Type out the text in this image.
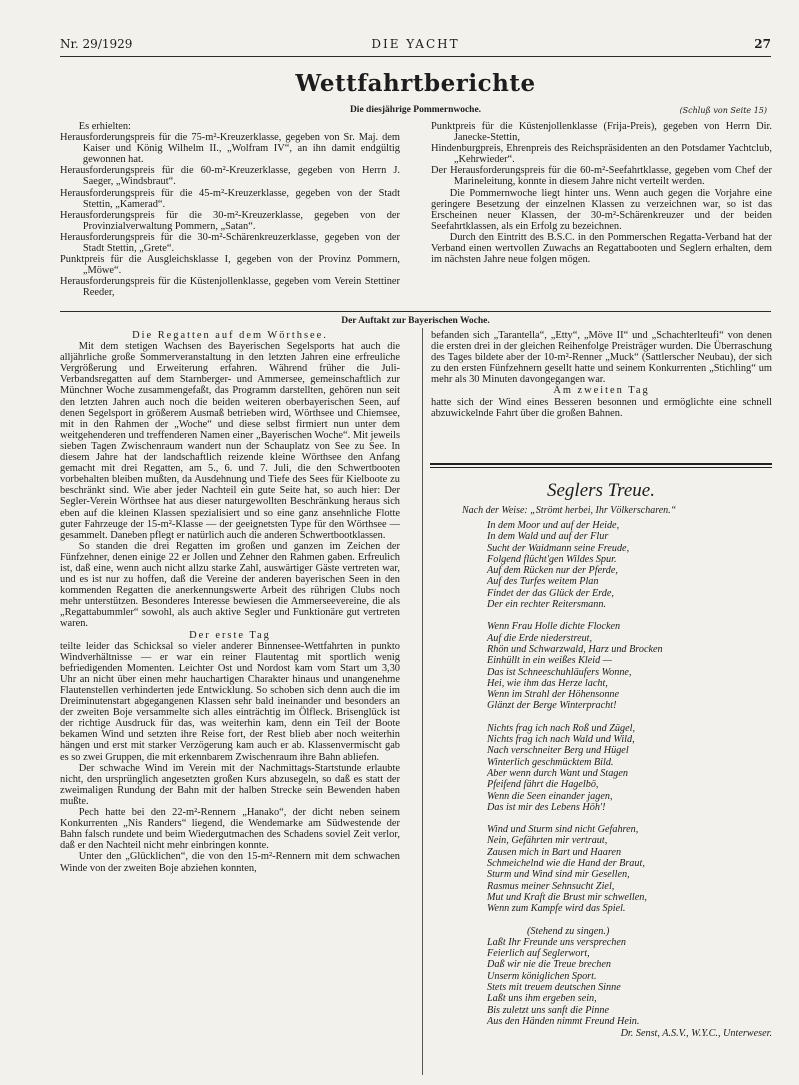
Nr. 29/1929	DIE YACHT	27
Wettfahrtberichte
Die diesjährige Pommernwoche.	(Schluß von Seite 15)

Es erhielten:

Herausforderungspreis für die 75-m²-Kreuzerklasse, gegeben von Sr. Maj. dem Kaiser und König Wilhelm II., „Wolfram IV“, an ihn damit endgültig gewonnen hat.

Herausforderungspreis für die 60-m²-Kreuzerklasse, gegeben von Herrn J. Saeger, „Windsbraut“.

Herausforderungspreis für die 45-m²-Kreuzerklasse, gegeben von der Stadt Stettin, „Kamerad“.

Herausforderungspreis für die 30-m²-Kreuzerklasse, gegeben von der Provinzialverwaltung Pommern, „Satan“.

Herausforderungspreis für die 30-m²-Schärenkreuzerklasse, gegeben von der Stadt Stettin, „Grete“.

Punktpreis für die Ausgleichsklasse I, gegeben von der Provinz Pommern, „Möwe“.

Herausforderungspreis für die Küstenjollenklasse, gegeben vom Verein Stettiner Reeder,

Punktpreis für die Küstenjollenklasse (Frija-Preis), gegeben von Herrn Dir. Janecke-Stettin,

Hindenburgpreis, Ehrenpreis des Reichspräsidenten an den Potsdamer Yachtclub, „Kehrwieder“.

Der Herausforderungspreis für die 60-m²-Seefahrtklasse, gegeben vom Chef der Marineleitung, konnte in diesem Jahre nicht verteilt werden.

Die Pommernwoche liegt hinter uns. Wenn auch gegen die Vorjahre eine geringere Besetzung der einzelnen Klassen zu verzeichnen war, so ist das Erscheinen neuer Klassen, der 30-m²-Schärenkreuzer und der beiden Seefahrtklassen, als ein Erfolg zu bezeichnen.

Durch den Eintritt des B.S.C. in den Pommerschen Regatta-Verband hat der Verband einen wertvollen Zuwachs an Regattabooten und Seglern erhalten, dem im nächsten Jahre neue folgen mögen.

Der Auftakt zur Bayerischen Woche.

Die Regatten auf dem Wörthsee.

Mit dem stetigen Wachsen des Bayerischen Segelsports hat auch die alljährliche große Sommerveranstaltung in den letzten Jahren eine erfreuliche Vergrößerung und Erweiterung erfahren. Während früher die Juli-Verbandsregatten auf dem Starnberger- und Ammersee, gemeinschaftlich zur Münchner Woche zusammengefaßt, das Programm darstellten, gehören nun seit den letzten Jahren auch noch die beiden weiteren oberbayerischen Seen, auf denen Segelsport in größerem Ausmaß betrieben wird, Wörthsee und Chiemsee, mit in den Rahmen der „Woche“ und diese selbst firmiert nun unter dem weitgehenderen und treffenderen Namen einer „Bayerischen Woche“. Mit jeweils sieben Tagen Zwischenraum wandert nun der Schauplatz von See zu See. In diesem Jahre hat der landschaftlich reizende kleine Wörthsee den Anfang gemacht mit drei Regatten, am 5., 6. und 7. Juli, die den Schwertbooten vorbehalten bleiben mußten, da Ausdehnung und Tiefe des Sees für Kielboote zu beschränkt sind. Wie aber jeder Nachteil ein gute Seite hat, so auch hier: Der Segler-Verein Wörthsee hat aus dieser naturgewollten Beschränkung heraus sich eben auf die kleinen Klassen spezialisiert und so eine ganz ansehnliche Flotte guter Fahrzeuge der 15-m²-Klasse — der geeignetsten Type für den Wörthsee — gesammelt. Daneben pflegt er natürlich auch die anderen Schwertbootklassen.

So standen die drei Regatten im großen und ganzen im Zeichen der Fünfzehner, denen einige 22 er Jollen und Zehner den Rahmen gaben. Erfreulich ist, daß eine, wenn auch nicht allzu starke Zahl, auswärtiger Gäste vertreten war, und es ist nur zu hoffen, daß die Vereine der anderen bayerischen Seen in den kommenden Regatten die anerkennungswerte Arbeit des rührigen Clubs noch mehr unterstützen. Besonderes Interesse bewiesen die Ammerseevereine, die als „Regattabummler“ sowohl, als auch aktive Segler und Funktionäre gut vertreten waren.

Der erste Tag

teilte leider das Schicksal so vieler anderer Binnensee-Wettfahrten in punkto Windverhältnisse — er war ein reiner Flautentag mit sportlich wenig befriedigenden Momenten. Leichter Ost und Nordost kam vom Start um 3,30 Uhr an nicht über einen mehr hauchartigen Charakter hinaus und unangenehme Flautenstellen verhinderten jede Entwicklung. So schoben sich denn auch die im Dreiminutenstart abgegangenen Klassen sehr bald ineinander und besonders an der zweiten Boje versammelte sich alles einträchtig im Ölfleck. Brisenglück ist der richtige Ausdruck für das, was weiterhin kam, denn ein Teil der Boote bekamen Wind und setzten ihre Reise fort, der Rest blieb aber noch weiterhin hängen und erst mit starker Verzögerung kam auch er ab. Klassenvermischt gab es so zwei Gruppen, die mit erkennbarem Zwischenraum ihre Bahn abliefen.

Der schwache Wind im Verein mit der Nachmittags-Startstunde erlaubte nicht, den ursprünglich angesetzten großen Kurs abzusegeln, so daß es statt der zweimaligen Rundung der Bahn mit der halben Strecke sein Bewenden haben mußte.

Pech hatte bei den 22-m²-Rennern „Hanako“, der dicht neben seinem Konkurrenten „Nis Randers“ liegend, die Wendemarke am Südwestende der Bahn falsch rundete und beim Wiedergutmachen des Schadens soviel Zeit verlor, daß er den Nachteil nicht mehr einbringen konnte.

Unter den „Glücklichen“, die von den 15-m²-Rennern mit dem schwachen Winde von der zweiten Boje abziehen konnten,

befanden sich „Tarantella“, „Etty“, „Möve II“ und „Schachterlteufi“ von denen die ersten drei in der gleichen Reihenfolge Preisträger wurden. Die Überraschung des Tages bildete aber der 10-m²-Renner „Muck“ (Sattlerscher Neubau), der sich zu den ersten Fünfzehnern gesellt hatte und seinem Konkurrenten „Stichling“ um mehr als 30 Minuten davongegangen war.

Am zweiten Tag

hatte sich der Wind eines Besseren besonnen und ermöglichte eine schnell abzuwickelnde Fahrt über die großen Bahnen.

Seglers Treue.
Nach der Weise: „Strömt herbei, Ihr Völkerscharen.“

In dem Moor und auf der Heide,

In dem Wald und auf der Flur

Sucht der Waidmann seine Freude,

Folgend flücht'gen Wildes Spur.

Auf dem Rücken nur der Pferde,

Auf des Turfes weitem Plan

Findet der das Glück der Erde,

Der ein rechter Reitersmann.

Wenn Frau Holle dichte Flocken

Auf die Erde niederstreut,

Rhön und Schwarzwald, Harz und Brocken

Einhüllt in ein weißes Kleid —

Das ist Schneeschuhläufers Wonne,

Hei, wie ihm das Herze lacht,

Wenn im Strahl der Höhensonne

Glänzt der Berge Winterpracht!

Nichts frag ich nach Roß und Zügel,

Nichts frag ich nach Wald und Wild,

Nach verschneiter Berg und Hügel

Winterlich geschmücktem Bild.

Aber wenn durch Want und Stagen

Pfeifend fährt die Hagelbö,

Wenn die Seen einander jagen,

Das ist mir des Lebens Höh'!

Wind und Sturm sind nicht Gefahren,

Nein, Gefährten mir vertraut,

Zausen mich in Bart und Haaren

Schmeichelnd wie die Hand der Braut,

Sturm und Wind sind mir Gesellen,

Rasmus meiner Sehnsucht Ziel,

Mut und Kraft die Brust mir schwellen,

Wenn zum Kampfe wird das Spiel.

(Stehend zu singen.)

Laßt Ihr Freunde uns versprechen

Feierlich auf Seglerwort,

Daß wir nie die Treue brechen

Unserm königlichen Sport.

Stets mit treuem deutschen Sinne

Laßt uns ihm ergeben sein,

Bis zuletzt uns sanft die Pinne

Aus den Händen nimmt Freund Hein.

Dr. Senst, A.S.V., W.Y.C., Unterweser.
